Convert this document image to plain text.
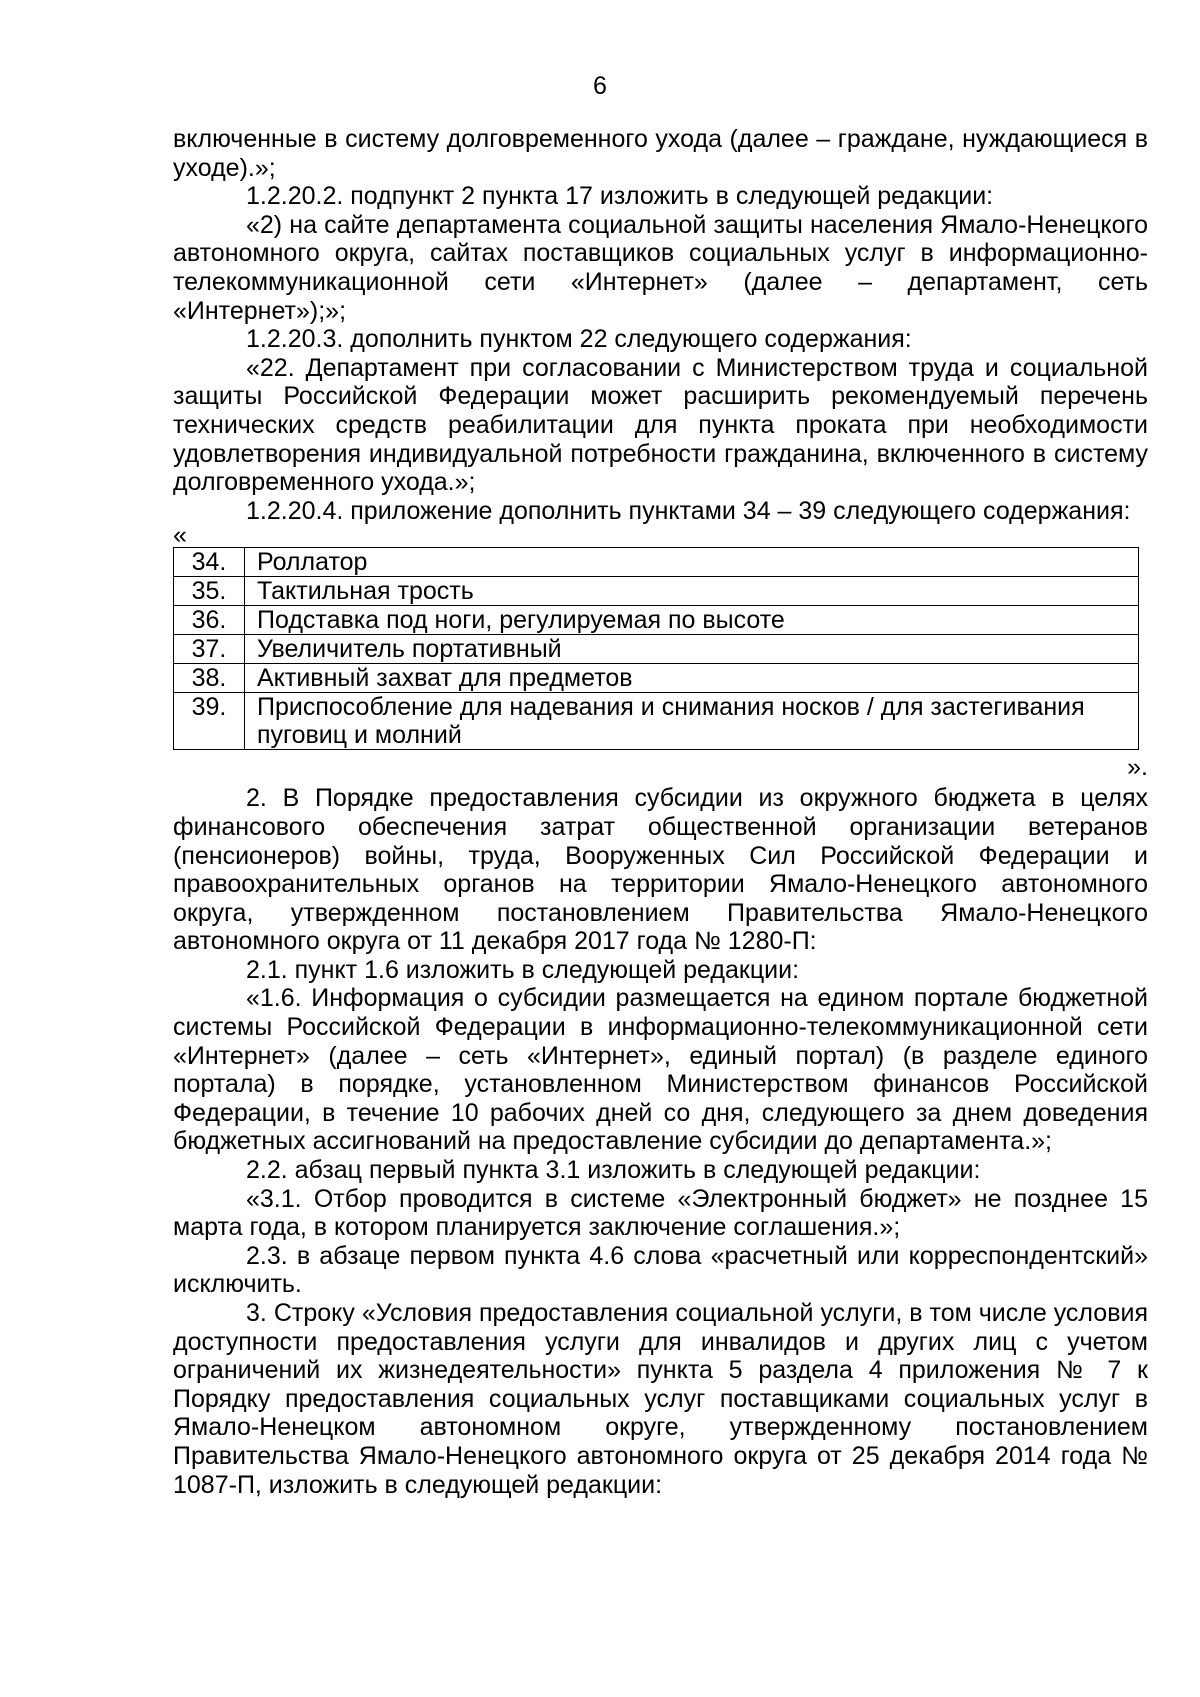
6

включенные в систему долговременного ухода (далее – граждане, нуждающиеся в уходе).»;

1.2.20.2. подпункт 2 пункта 17 изложить в следующей редакции:

«2) на сайте департамента социальной защиты населения Ямало-Ненецкого автономного округа, сайтах поставщиков социальных услуг в информационно-телекоммуникационной сети «Интернет» (далее – департамент, сеть «Интернет»);»;

1.2.20.3. дополнить пунктом 22 следующего содержания:

«22. Департамент при согласовании с Министерством труда и социальной защиты Российской Федерации может расширить рекомендуемый перечень технических средств реабилитации для пункта проката при необходимости удовлетворения индивидуальной потребности гражданина, включенного в систему долговременного ухода.»;

1.2.20.4. приложение дополнить пунктами 34 – 39 следующего содержания:

«

34.	Роллатор
35.	Тактильная трость
36.	Подставка под ноги, регулируемая по высоте
37.	Увеличитель портативный
38.	Активный захват для предметов
39.	Приспособление для надевания и снимания носков / для застегивания пуговиц и молний

».

2. В Порядке предоставления субсидии из окружного бюджета в целях финансового обеспечения затрат общественной организации ветеранов (пенсионеров) войны, труда, Вооруженных Сил Российской Федерации и правоохранительных органов на территории Ямало-Ненецкого автономного округа, утвержденном постановлением Правительства Ямало-Ненецкого автономного округа от 11 декабря 2017 года № 1280-П:

2.1. пункт 1.6 изложить в следующей редакции:

«1.6. Информация о субсидии размещается на едином портале бюджетной системы Российской Федерации в информационно-телекоммуникационной сети «Интернет» (далее – сеть «Интернет», единый портал) (в разделе единого портала) в порядке, установленном Министерством финансов Российской Федерации, в течение 10 рабочих дней со дня, следующего за днем доведения бюджетных ассигнований на предоставление субсидии до департамента.»;

2.2. абзац первый пункта 3.1 изложить в следующей редакции:

«3.1. Отбор проводится в системе «Электронный бюджет» не позднее 15 марта года, в котором планируется заключение соглашения.»;

2.3. в абзаце первом пункта 4.6 слова «расчетный или корреспондентский» исключить.

3. Строку «Условия предоставления социальной услуги, в том числе условия доступности предоставления услуги для инвалидов и других лиц с учетом ограничений их жизнедеятельности» пункта 5 раздела 4 приложения № 7 к Порядку предоставления социальных услуг поставщиками социальных услуг в Ямало-Ненецком автономном округе, утвержденному постановлением Правительства Ямало-Ненецкого автономного округа от 25 декабря 2014 года № 1087-П, изложить в следующей редакции:
